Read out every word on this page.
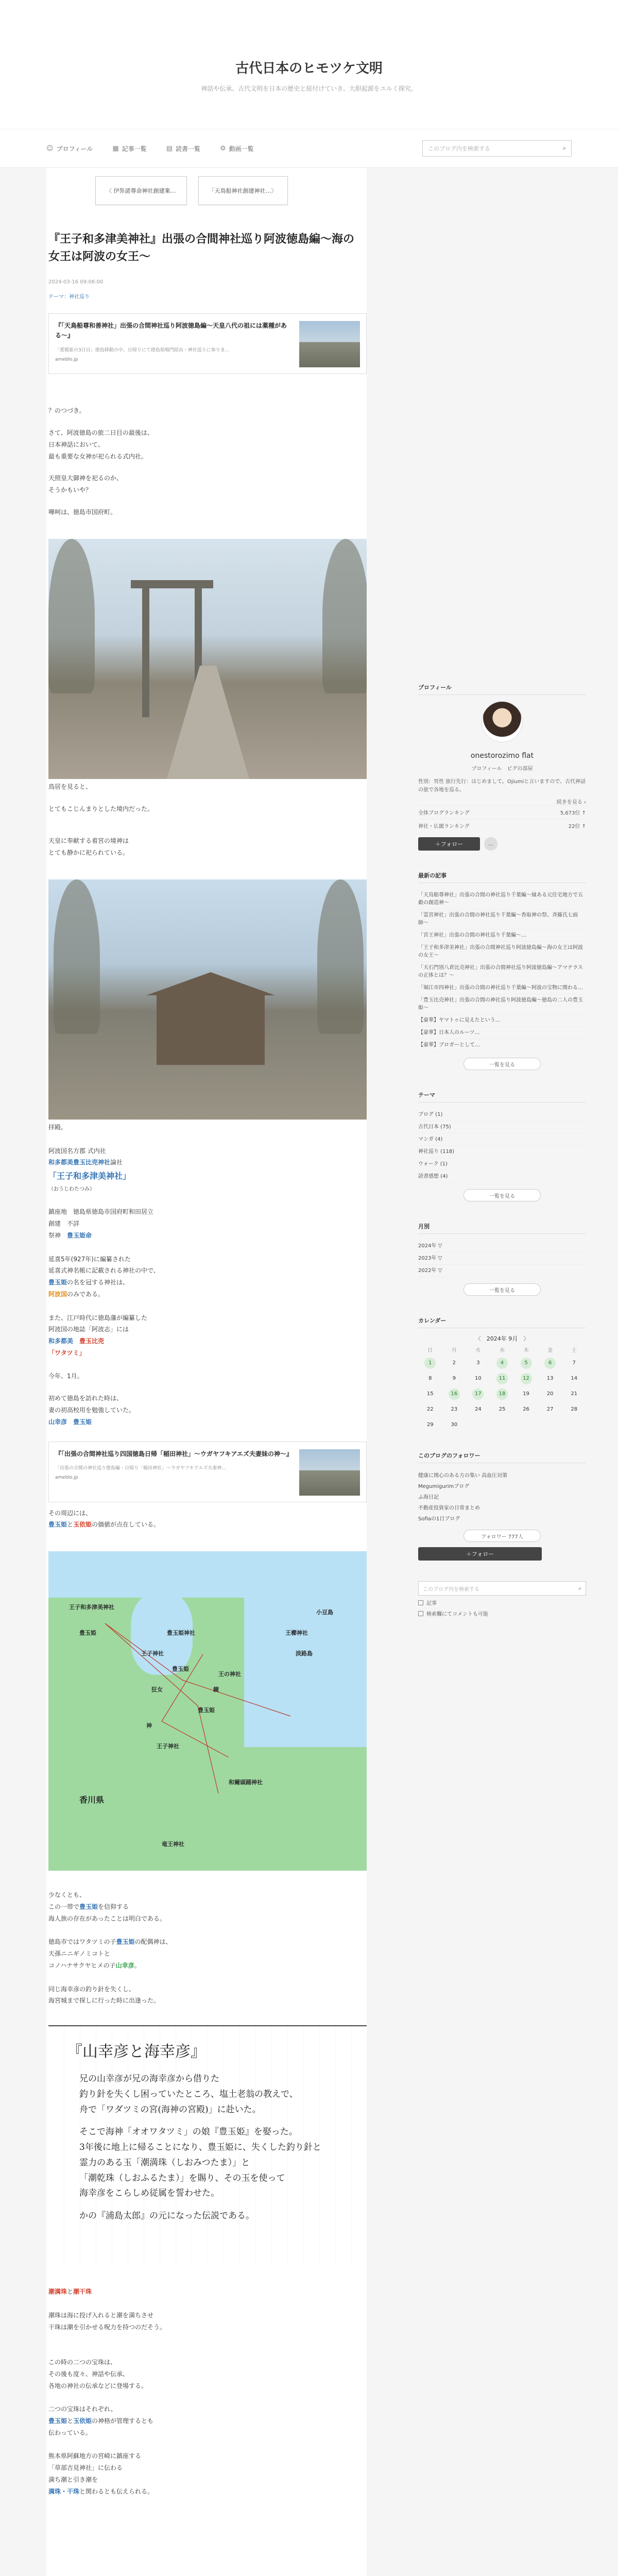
古代日本のヒモツケ文明
神話や伝承、古代文明を日本の歴史と紐付けていき、大胆起源をユルく探究。
☺ プロフィール	▦ 記事一覧	▤ 読書一覧	⚙ 動画一覧	このブログ内を検索する	⌕
〈 伊弉諾尊命神社創建案…	「天鳥船神社創建神社…〉
『王子和多津美神社』出張の合間神社巡り阿波徳島編〜海の女王は阿波の女王〜
2024-03-16 09:06:00
テーマ：神社巡り
『「天鳥船尊和善神社」出張の合間神社巡り阿波徳島編〜天皇八代の祖には薬種がある〜』
「愛媛旅の3日目」徳島移動の中、日帰りにて徳島県鳴門経由・神社巡りに参りま…
ameblo.jp

？のつづき。

さて、阿波徳島の旅二日目の最後は、

日本神話において、

最も重要な女神が祀られる式内社。

天照皇大御神を祀るのか、

そうかもいや？

嘩呵は、徳島市国府町。

鳥居を見ると、

とてもこじんまりとした境内だった。

天皇に奉献する着宮の境神は

とても静かに祀られている。

拝殿。

阿波国名方郡 式内社

和多都美豊玉比売神社論社

「王子和多津美神社」

（おうじわたつみ）

鎮座地　徳島県徳島市国府町和田居立

創建　不詳

祭神　 豊玉姫命

延喜5年(927年)に編纂された

延喜式神名帳に記載される神社の中で、

豊玉姫の名を冠する神社は、

阿波国のみである。

また、江戸時代に徳島藩が編纂した

阿波国の地誌「阿波志」には

和多都美　 豊玉比売

「ワタツミ」

今年、1月。

初めて徳島を訪れた時は、

妻の初高校用を勉強していた。

山幸彦　 豊玉姫

『「出張の合間神社巡り四国徳島日帰「稲田神社」〜ウガヤフキアエズ夫妻妹の神〜』
「出張の合間の神社巡り徳島編・日帰り「稲田神社」〜ウガヤフキアエズ夫妻神…
ameblo.jp

その周辺には、

豊玉姫と玉依姫の価値が点在している。

王子和多津美神社
豊玉姫	豊玉姫神社
王子神社
豊玉姫
鏡
狂女
豊玉姫
小豆島
王櫛神社
淡路島
王の神社
神
王子神社
香川県
和爾頭踊神社
竜王神社

少なくとも、

この一帯で豊玉姫を信仰する

海人族の存在があったことは明白である。

徳島市ではワタツミの子豊玉姫の配偶神は、

天孫ニニギノミコトと

コノハナサクヤヒメの子山幸彦。

同じ海幸彦の釣り針を失くし、

海宮城まで探しに行った時に出逢った。

『山幸彦と海幸彦』

兄の山幸彦が兄の海幸彦から借りた
釣り針を失くし困っていたところ、塩土老翁の教えで、
舟で「ワダツミの宮(海神の宮殿)」に赴いた。

そこで海神「オオワタツミ」の娘『豊玉姫』を娶った。
3年後に地上に帰ることになり、豊玉姫に、失くした釣り針と
霊力のある玉「潮満珠（しおみつたま）」と
「潮乾珠（しおふるたま）」を賜り、その玉を使って
海幸彦をこらしめ従属を誓わせた。

かの『浦島太郎』の元になった伝説である。

潮満珠と潮干珠

潮珠は海に投げ入れると潮を満ちさせ

干珠は潮を引かせる呪力を持つのだそう。

この時の二つの宝珠は、

その後も度々、神話や伝承、

各地の神社の伝承などに登場する。

二つの宝珠はそれぞれ、

豊玉姫と玉依姫の神格が管理するとも

伝わっている。

熊本県阿蘇地方の宮崎に鎮座する

「草部吉見神社」に伝わる

満ち潮と引き潮を

満珠・干珠と関わるとも伝えられる。

プロフィール
onestorozimo flat
プロフィール　ピグの部屋
性別：男性 旅行先行：はじめまして。Ojiumiと言いますので、古代神話の旅で各地を巡る。
続きを見る ›
全体ブログランキング	5,673位 ↑
神社・仏閣ランキング	22位 ↑
＋フォロー	…
最新の記事
「天鳥船尊神社」出張の合間の神社巡り千葉編〜縁ある元住宅地方で五穀の創造神〜
「霊宮神社」出張の合間の神社巡り千葉編〜香取神の祭。斉藤氏七面師〜
「宮王神社」出張の合間の神社巡り千葉編〜…
「王子和多津美神社」出張の合間神社巡り阿波徳島編〜海の女王は阿波の女王〜
「天石門別八倉比売神社」出張の合間神社巡り阿波徳島編〜アマテラスの正体とは？〜
「堀江市四神社」出張の合間の神社巡り千葉編〜阿波の宝物に関わる…
「豊玉比売神社」出張の合間の神社巡り阿波徳島編〜徳島の二人の豊玉姫〜
【豪華】ヤマトゥに見えたという…
【豪華】日本人のルーツ…
【豪華】ブロガーとして…
一覧を見る
テーマ
ブログ (1)
古代日本 (75)
マンガ (4)
神社巡り (118)
ウォーク (1)
読書感想 (4)
一覧を見る
月別
2024年 ▽
2023年 ▽
2022年 ▽
一覧を見る
カレンダー
〈　2024年 9月　〉
日	月	火	水	木	金	土
1	2	3	4	5	6	7
8	9	10	11	12	13	14
15	16	17	18	19	20	21
22	23	24	25	26	27	28
29	30
このブログのフォロワー
健康に関心のある方の集い 高血圧対策
Megumigurimブログ
ふ海日記
不動産投資家の日常まとめ
Sofiaの1日ブログ
フォロワー 777人
＋フォロー
このブログ内を検索する	⌕
記事
検索欄にてコメントも可能
